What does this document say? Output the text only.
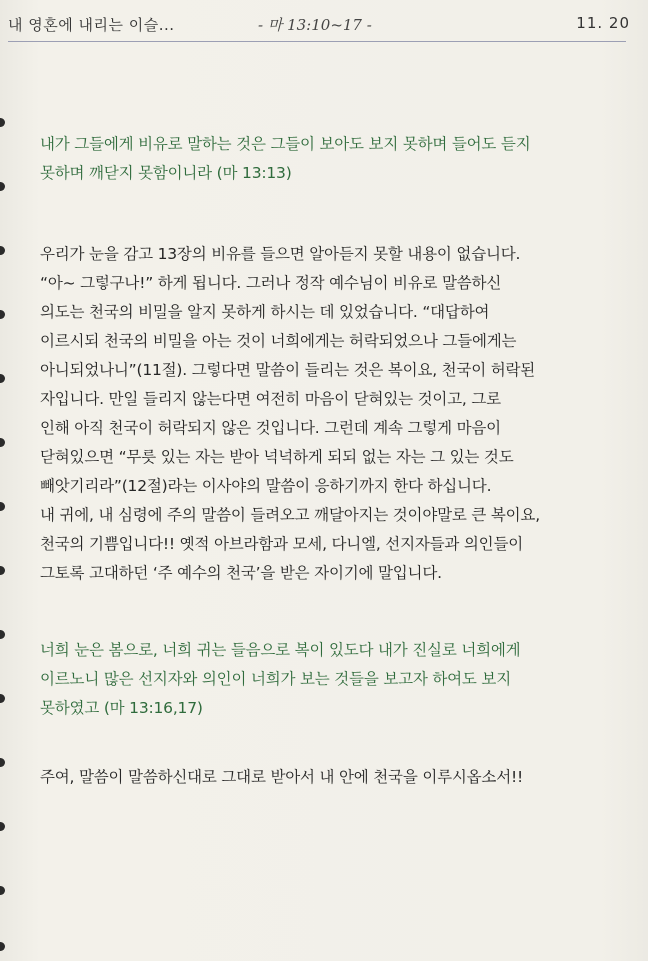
내 영혼에 내리는 이슬...	- 마 13:10~17 -	11. 20

내가 그들에게 비유로 말하는 것은 그들이 보아도 보지 못하며 들어도 듣지
못하며 깨닫지 못함이니라 (마 13:13)

우리가 눈을 감고 13장의 비유를 들으면 알아듣지 못할 내용이 없습니다.
“아~ 그렇구나!” 하게 됩니다. 그러나 정작 예수님이 비유로 말씀하신
의도는 천국의 비밀을 알지 못하게 하시는 데 있었습니다. “대답하여
이르시되 천국의 비밀을 아는 것이 너희에게는 허락되었으나 그들에게는
아니되었나니”(11절). 그렇다면 말씀이 들리는 것은 복이요, 천국이 허락된
자입니다. 만일 들리지 않는다면 여전히 마음이 닫혀있는 것이고, 그로
인해 아직 천국이 허락되지 않은 것입니다. 그런데 계속 그렇게 마음이
닫혀있으면 “무릇 있는 자는 받아 넉넉하게 되되 없는 자는 그 있는 것도
빼앗기리라”(12절)라는 이사야의 말씀이 응하기까지 한다 하십니다.
내 귀에, 내 심령에 주의 말씀이 들려오고 깨달아지는 것이야말로 큰 복이요,
천국의 기쁨입니다!! 옛적 아브라함과 모세, 다니엘, 선지자들과 의인들이
그토록 고대하던 ‘주 예수의 천국’을 받은 자이기에 말입니다.

너희 눈은 봄으로, 너희 귀는 들음으로 복이 있도다 내가 진실로 너희에게
이르노니 많은 선지자와 의인이 너희가 보는 것들을 보고자 하여도 보지
못하였고 (마 13:16,17)

주여, 말씀이 말씀하신대로 그대로 받아서 내 안에 천국을 이루시옵소서!!
